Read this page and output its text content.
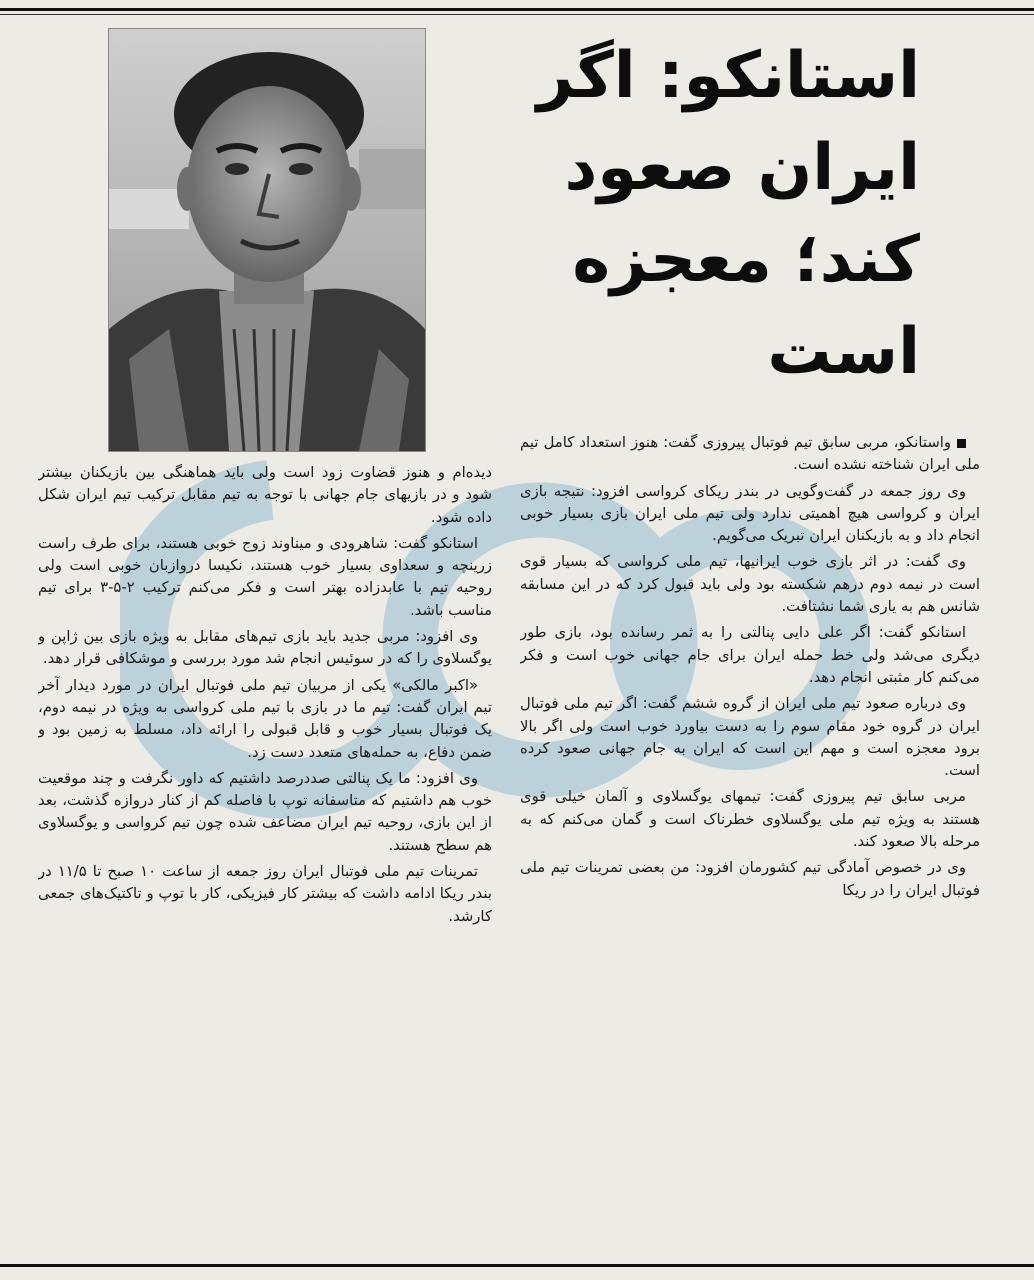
استانکو: اگر ایران صعود کند؛ معجزه است

واستانکو، مربی سابق تیم فوتبال پیروزی گفت: هنوز استعداد کامل تیم ملی ایران شناخته نشده است.

وی روز جمعه در گفت‌وگویی در بندر ریکای کرواسی افزود: نتیجه بازی ایران و کرواسی هیچ اهمیتی ندارد ولی تیم ملی ایران بازی بسیار خوبی انجام داد و به بازیکنان ایران تبریک می‌گویم.

وی گفت: در اثر بازی خوب ایرانیها، تیم ملی کرواسی که بسیار قوی است در نیمه دوم درهم شکسته بود ولی باید قبول کرد که در این مسابقه شانس هم به یاری شما نشتافت.

استانکو گفت: اگر علی دایی پنالتی را به ثمر رسانده بود، بازی طور دیگری می‌شد ولی خط حمله ایران برای جام جهانی خوب است و فکر می‌کنم کار مثبتی انجام دهد.

وی درباره صعود تیم ملی ایران از گروه ششم گفت: اگر تیم ملی فوتبال ایران در گروه خود مقام سوم را به دست بیاورد خوب است ولی اگر بالا برود معجزه است و مهم این است که ایران به جام جهانی صعود کرده است.

مربی سابق تیم پیروزی گفت: تیمهای یوگسلاوی و آلمان خیلی قوی هستند به ویژه تیم ملی یوگسلاوی خطرناک است و گمان می‌کنم که به مرحله بالا صعود کند.

وی در خصوص آمادگی تیم کشورمان افزود: من بعضی تمرینات تیم ملی فوتبال ایران را در ریکا

دیده‌ام و هنوز قضاوت زود است ولی باید هماهنگی بین بازیکنان بیشتر شود و در بازیهای جام جهانی با توجه به تیم مقابل ترکیب تیم ایران شکل داده شود.

استانکو گفت: شاهرودی و میناوند زوج خوبی هستند، برای طرف راست زرینچه و سعداوی بسیار خوب هستند، نکیسا دروازبان خوبی است ولی روحیه تیم با عابدزاده بهتر است و فکر می‌کنم ترکیب ۲-۵-۳ برای تیم مناسب باشد.

وی افزود: مربی جدید باید بازی تیم‌های مقابل به ویژه بازی بین ژاپن و یوگسلاوی را که در سوئیس انجام شد مورد بررسی و موشکافی قرار دهد.

«اکبر مالکی» یکی از مربیان تیم ملی فوتبال ایران در مورد دیدار آخر تیم ایران گفت: تیم ما در بازی با تیم ملی کرواسی به ویژه در نیمه دوم، یک فوتبال بسیار خوب و قابل قبولی را ارائه داد، مسلط به زمین بود و ضمن دفاع، به حمله‌های متعدد دست زد.

وی افزود: ما یک پنالتی صددرصد داشتیم که داور نگرفت و چند موقعیت خوب هم داشتیم که متاسفانه توپ با فاصله کم از کنار دروازه گذشت، بعد از این بازی، روحیه تیم ایران مضاعف شده چون تیم کرواسی و یوگسلاوی هم سطح هستند.

تمرینات تیم ملی فوتبال ایران روز جمعه از ساعت ۱۰ صبح تا ۱۱/۵ در بندر ریکا ادامه داشت که بیشتر کار فیزیکی، کار با توپ و تاکتیک‌های جمعی کارشد.
